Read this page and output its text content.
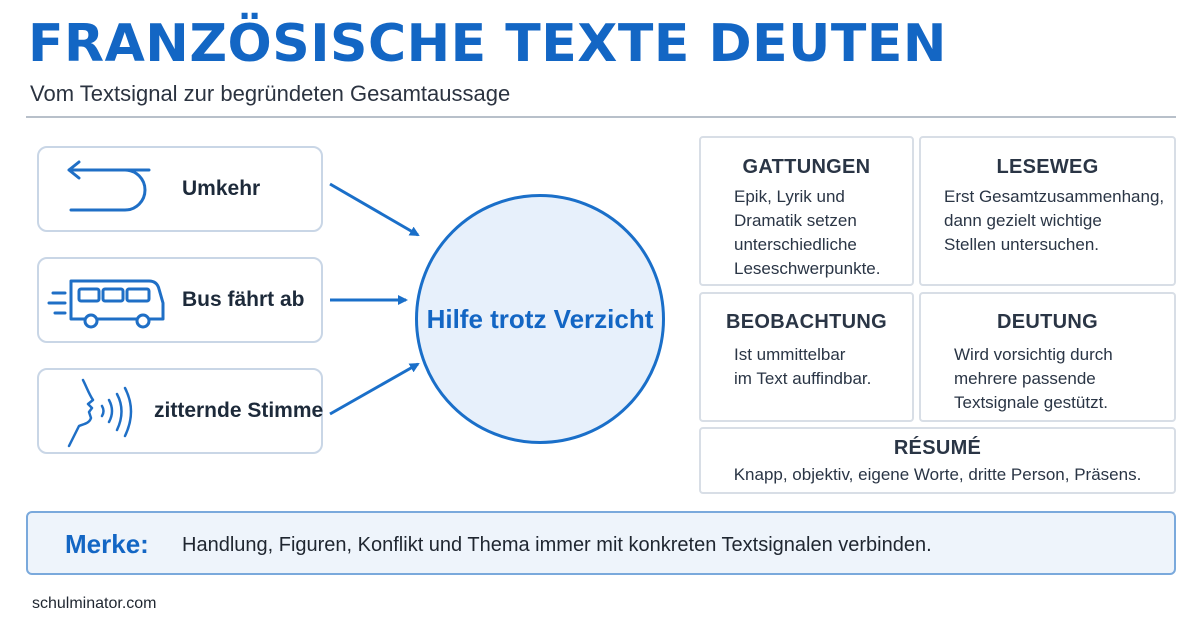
FRANZÖSISCHE TEXTE DEUTEN
Vom Textsignal zur begründeten Gesamtaussage
Umkehr
Bus fährt ab
zitternde Stimme
Hilfe trotz Verzicht
GATTUNGEN
Epik, Lyrik und
Dramatik setzen
unterschiedliche
Leseschwerpunkte.
LESEWEG
Erst Gesamtzusammenhang,
dann gezielt wichtige
Stellen untersuchen.
BEOBACHTUNG
Ist ummittelbar
im Text auffindbar.
DEUTUNG
Wird vorsichtig durch
mehrere passende
Textsignale gestützt.
RÉSUMÉ
Knapp, objektiv, eigene Worte, dritte Person, Präsens.
Merke: Handlung, Figuren, Konflikt und Thema immer mit konkreten Textsignalen verbinden.
schulminator.com
